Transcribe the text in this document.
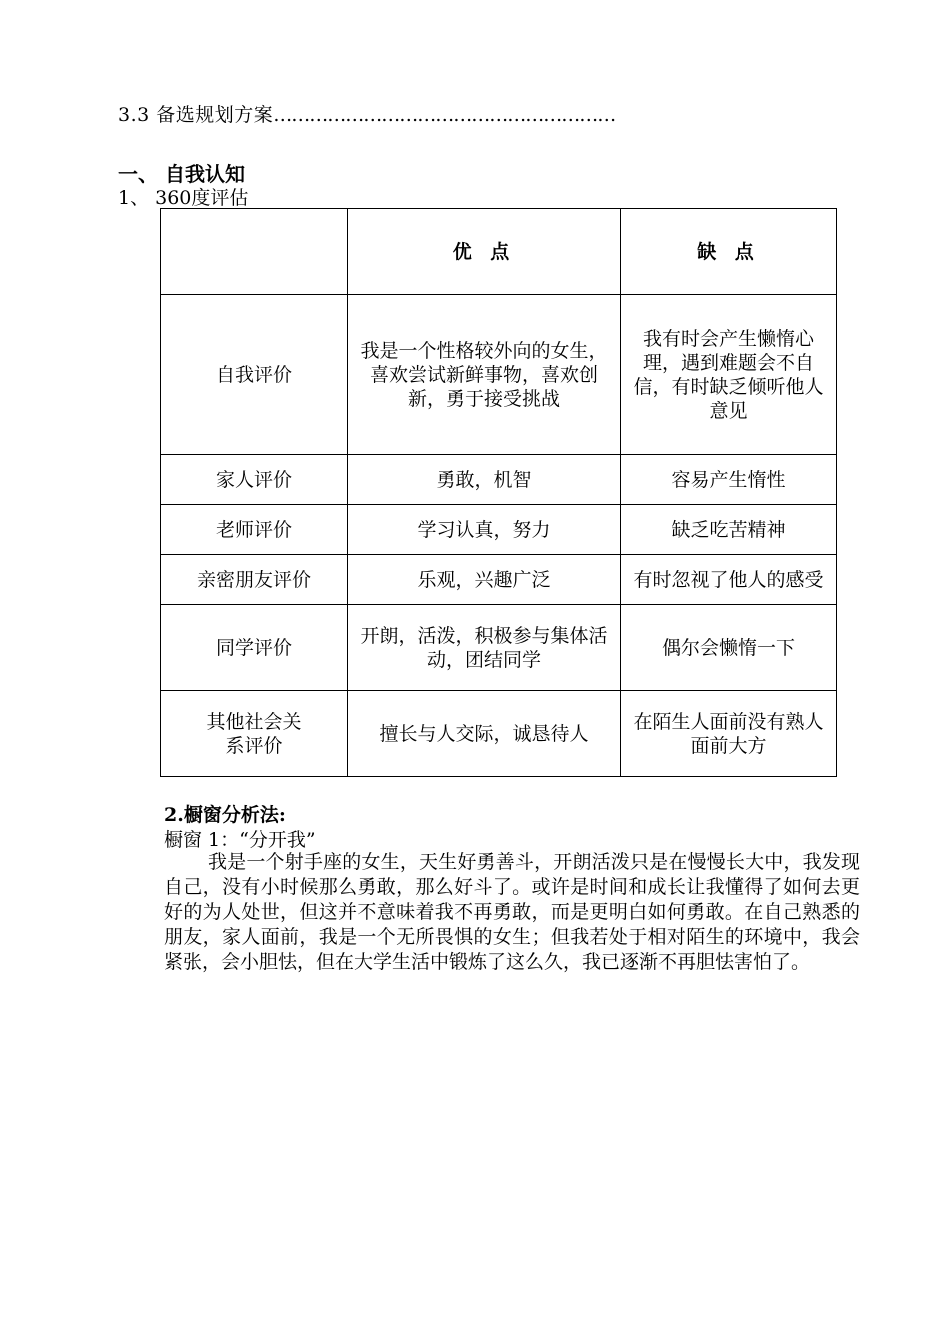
3.3 备选规划方案…………………………………………………
一、 自我认知
1、 360度评估
	优 点	缺 点
自我评价	我是一个性格较外向的女生，喜欢尝试新鲜事物，喜欢创新，勇于接受挑战	我有时会产生懒惰心理，遇到难题会不自信，有时缺乏倾听他人意见
家人评价	勇敢，机智	容易产生惰性
老师评价	学习认真，努力	缺乏吃苦精神
亲密朋友评价	乐观，兴趣广泛	有时忽视了他人的感受
同学评价	开朗，活泼，积极参与集体活动，团结同学	偶尔会懒惰一下
其他社会关系评价	擅长与人交际，诚恳待人	在陌生人面前没有熟人面前大方
2.橱窗分析法:
橱窗 1：“分开我”

我是一个射手座的女生，天生好勇善斗，开朗活泼只是在慢慢长大中，我发现自己，没有小时候那么勇敢，那么好斗了。或许是时间和成长让我懂得了如何去更好的为人处世，但这并不意味着我不再勇敢，而是更明白如何勇敢。在自己熟悉的朋友，家人面前，我是一个无所畏惧的女生；但我若处于相对陌生的环境中，我会紧张，会小胆怯，但在大学生活中锻炼了这么久，我已逐渐不再胆怯害怕了。
